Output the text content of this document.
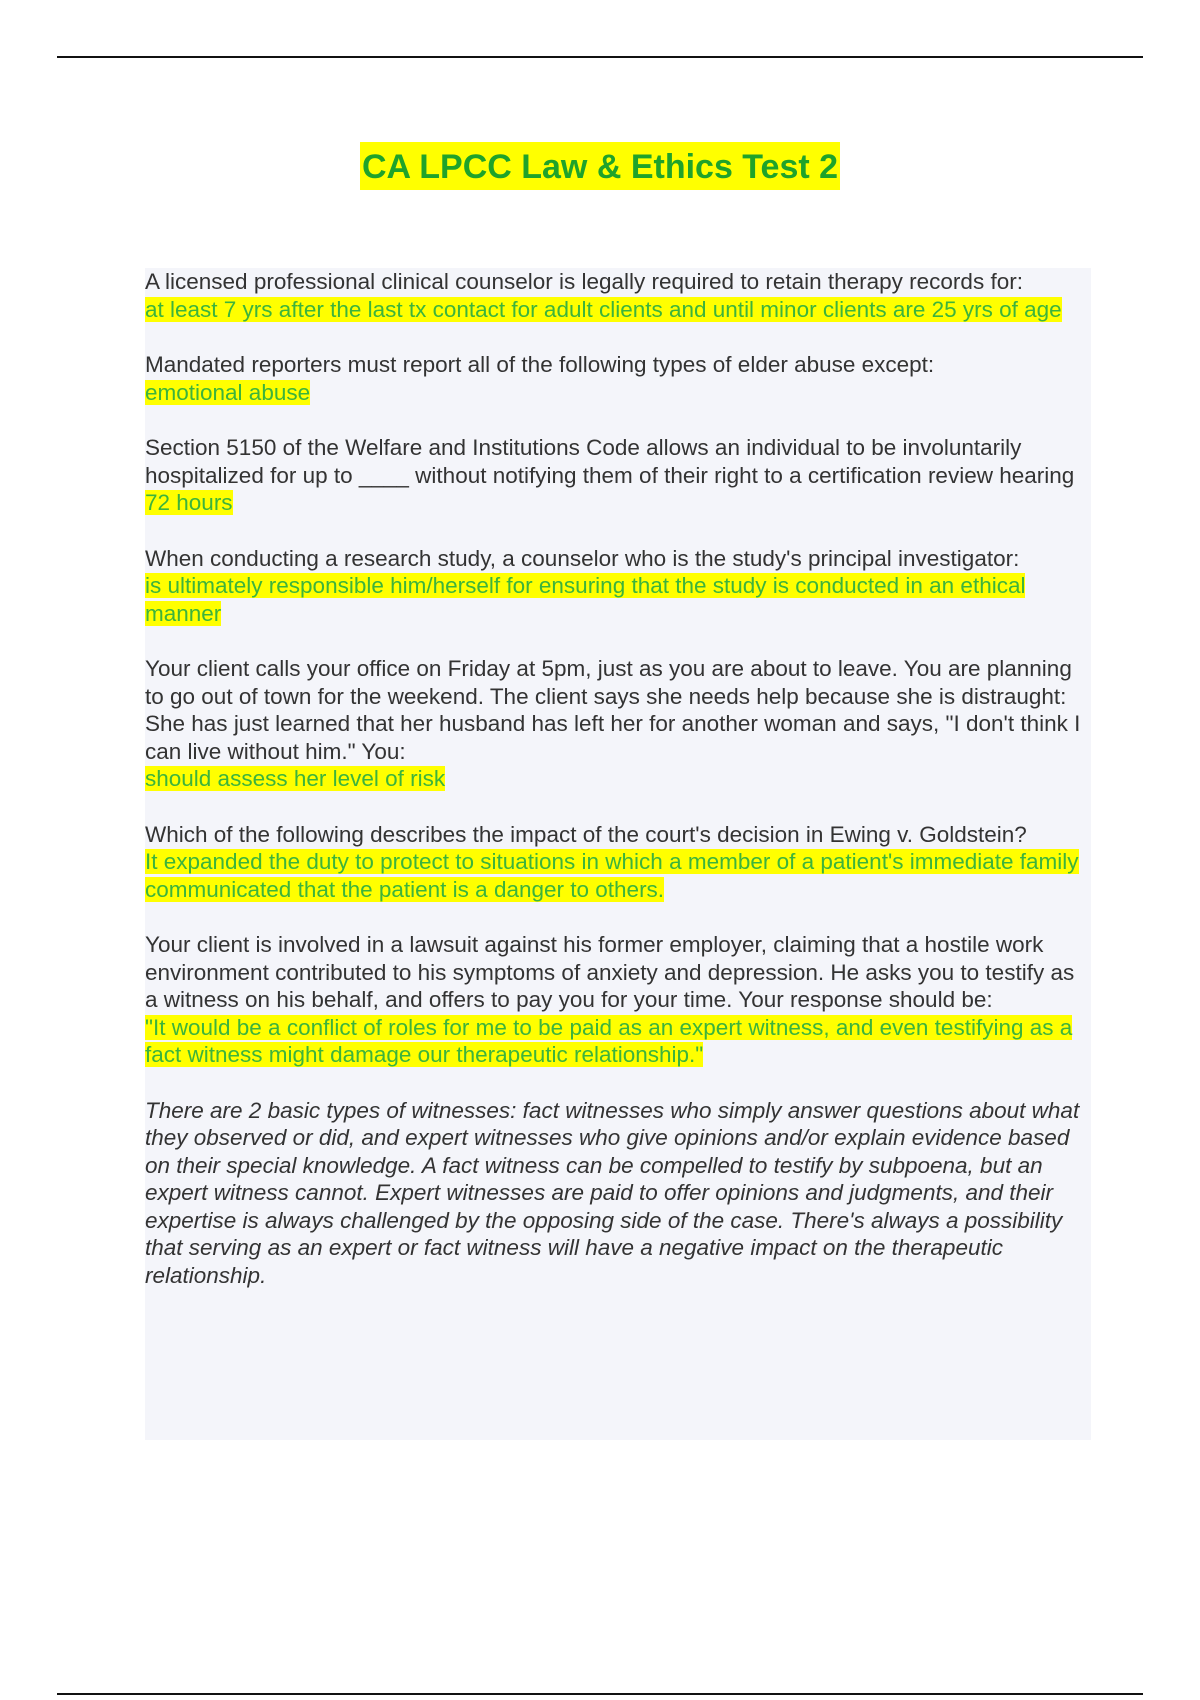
CA LPCC Law & Ethics Test 2

A licensed professional clinical counselor is legally required to retain therapy records for:

at least 7 yrs after the last tx contact for adult clients and until minor clients are 25 yrs of age

Mandated reporters must report all of the following types of elder abuse except:

emotional abuse

Section 5150 of the Welfare and Institutions Code allows an individual to be involuntarily hospitalized for up to ____ without notifying them of their right to a certification review hearing

72 hours

When conducting a research study, a counselor who is the study's principal investigator:

is ultimately responsible him/herself for ensuring that the study is conducted in an ethical manner

Your client calls your office on Friday at 5pm, just as you are about to leave. You are planning to go out of town for the weekend. The client says she needs help because she is distraught: She has just learned that her husband has left her for another woman and says, "I don't think I can live without him." You:

should assess her level of risk

Which of the following describes the impact of the court's decision in Ewing v. Goldstein?

It expanded the duty to protect to situations in which a member of a patient's immediate family communicated that the patient is a danger to others.

Your client is involved in a lawsuit against his former employer, claiming that a hostile work environment contributed to his symptoms of anxiety and depression. He asks you to testify as a witness on his behalf, and offers to pay you for your time. Your response should be:

"It would be a conflict of roles for me to be paid as an expert witness, and even testifying as a fact witness might damage our therapeutic relationship."

There are 2 basic types of witnesses: fact witnesses who simply answer questions about what they observed or did, and expert witnesses who give opinions and/or explain evidence based on their special knowledge. A fact witness can be compelled to testify by subpoena, but an expert witness cannot. Expert witnesses are paid to offer opinions and judgments, and their expertise is always challenged by the opposing side of the case. There's always a possibility that serving as an expert or fact witness will have a negative impact on the therapeutic relationship.
